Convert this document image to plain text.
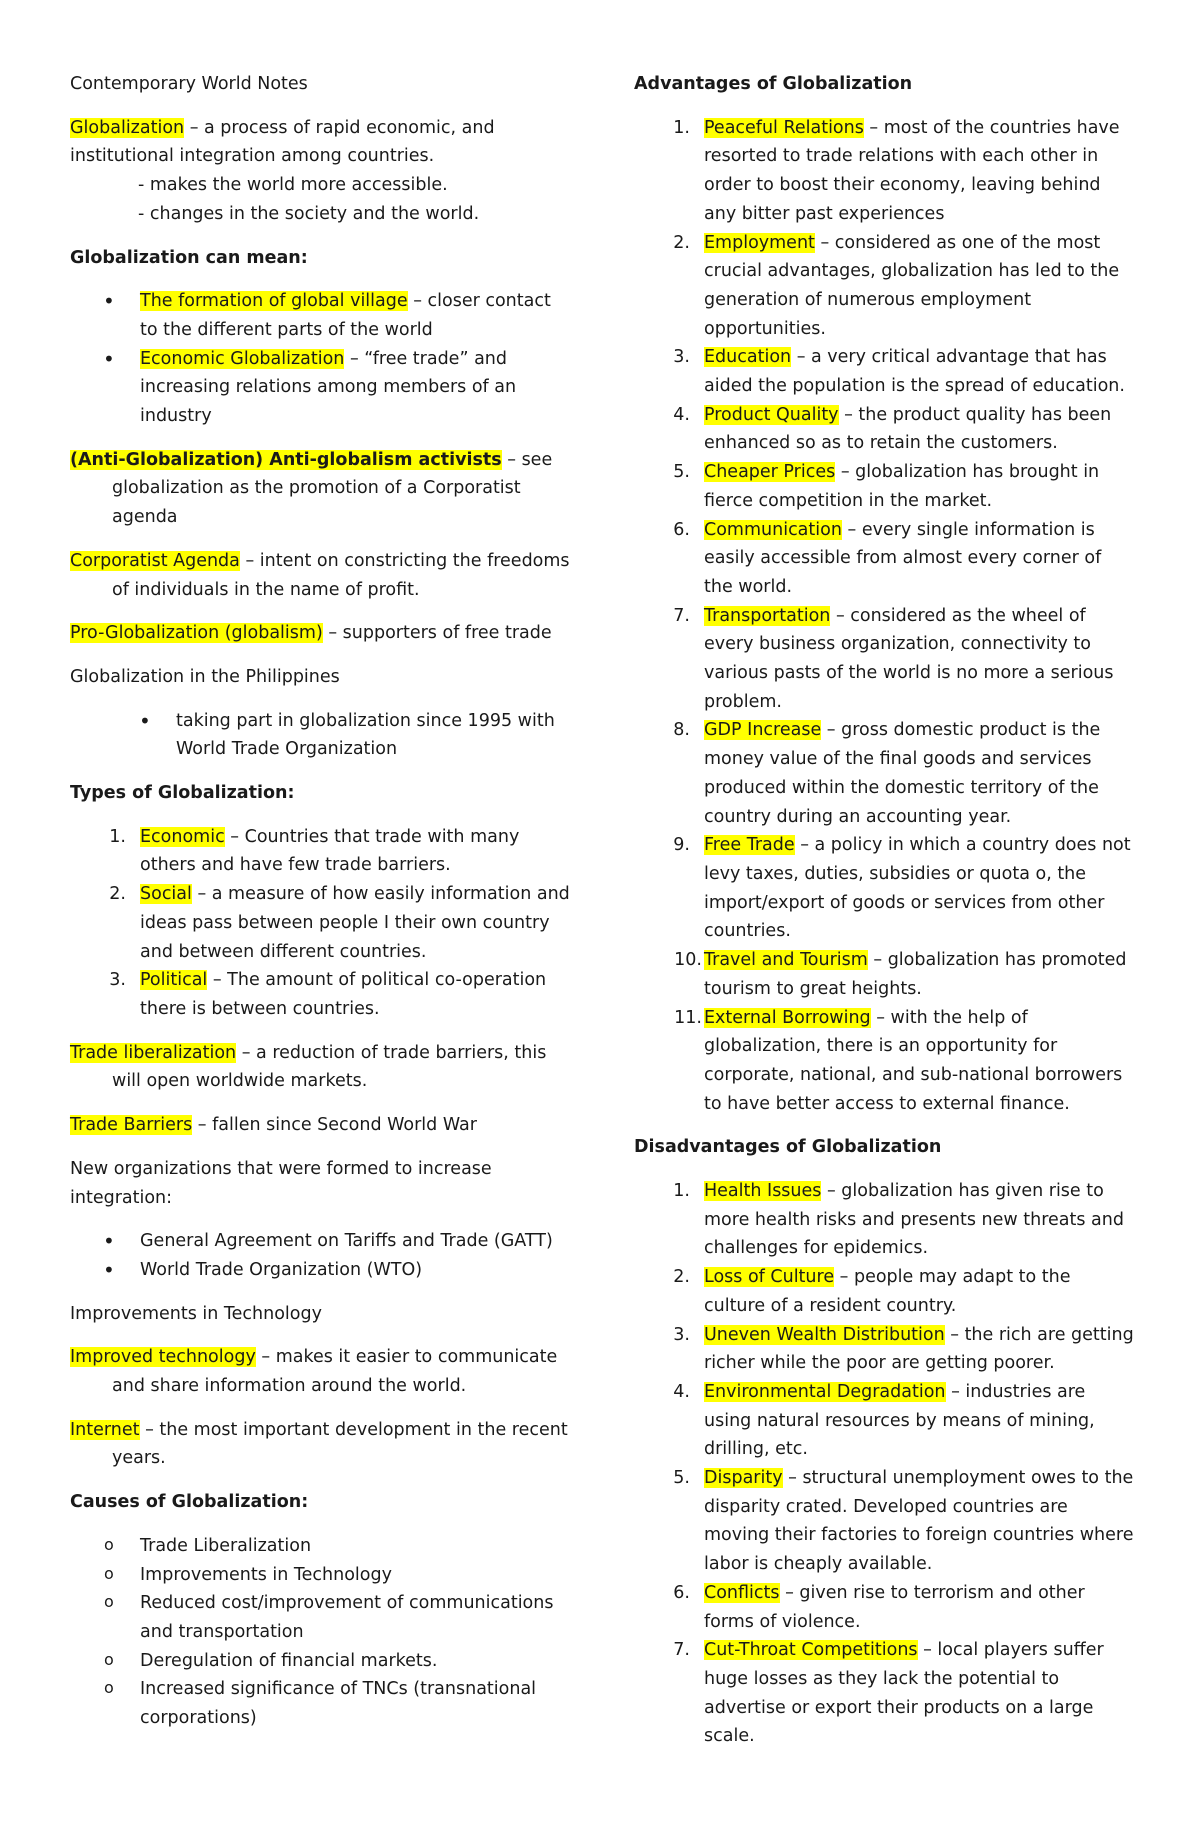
Contemporary World Notes

Globalization – a process of rapid economic, and institutional integration among countries.

- makes the world more accessible.

- changes in the society and the world.

Globalization can mean:

• The formation of global village – closer contact to the different parts of the world
• Economic Globalization – “free trade” and increasing relations among members of an industry

(Anti-Globalization) Anti-globalism activists – see globalization as the promotion of a Corporatist agenda

Corporatist Agenda – intent on constricting the freedoms of individuals in the name of profit.

Pro-Globalization (globalism) – supporters of free trade

Globalization in the Philippines

• taking part in globalization since 1995 with World Trade Organization

Types of Globalization:

1. Economic – Countries that trade with many others and have few trade barriers.
2. Social – a measure of how easily information and ideas pass between people I their own country and between different countries.
3. Political – The amount of political co-operation there is between countries.

Trade liberalization – a reduction of trade barriers, this will open worldwide markets.

Trade Barriers – fallen since Second World War

New organizations that were formed to increase integration:

• General Agreement on Tariffs and Trade (GATT)
• World Trade Organization (WTO)

Improvements in Technology

Improved technology – makes it easier to communicate and share information around the world.

Internet – the most important development in the recent years.

Causes of Globalization:

o Trade Liberalization
o Improvements in Technology
o Reduced cost/improvement of communications and transportation
o Deregulation of financial markets.
o Increased significance of TNCs (transnational corporations)

Advantages of Globalization

1. Peaceful Relations – most of the countries have resorted to trade relations with each other in order to boost their economy, leaving behind any bitter past experiences
2. Employment – considered as one of the most crucial advantages, globalization has led to the generation of numerous employment opportunities.
3. Education – a very critical advantage that has aided the population is the spread of education.
4. Product Quality – the product quality has been enhanced so as to retain the customers.
5. Cheaper Prices – globalization has brought in fierce competition in the market.
6. Communication – every single information is easily accessible from almost every corner of the world.
7. Transportation – considered as the wheel of every business organization, connectivity to various pasts of the world is no more a serious problem.
8. GDP Increase – gross domestic product is the money value of the final goods and services produced within the domestic territory of the country during an accounting year.
9. Free Trade – a policy in which a country does not levy taxes, duties, subsidies or quota o, the import/export of goods or services from other countries.
10. Travel and Tourism – globalization has promoted tourism to great heights.
11. External Borrowing – with the help of globalization, there is an opportunity for corporate, national, and sub-national borrowers to have better access to external finance.

Disadvantages of Globalization

1. Health Issues – globalization has given rise to more health risks and presents new threats and challenges for epidemics.
2. Loss of Culture – people may adapt to the culture of a resident country.
3. Uneven Wealth Distribution – the rich are getting richer while the poor are getting poorer.
4. Environmental Degradation – industries are using natural resources by means of mining, drilling, etc.
5. Disparity – structural unemployment owes to the disparity crated. Developed countries are moving their factories to foreign countries where labor is cheaply available.
6. Conflicts – given rise to terrorism and other forms of violence.
7. Cut-Throat Competitions – local players suffer huge losses as they lack the potential to advertise or export their products on a large scale.
